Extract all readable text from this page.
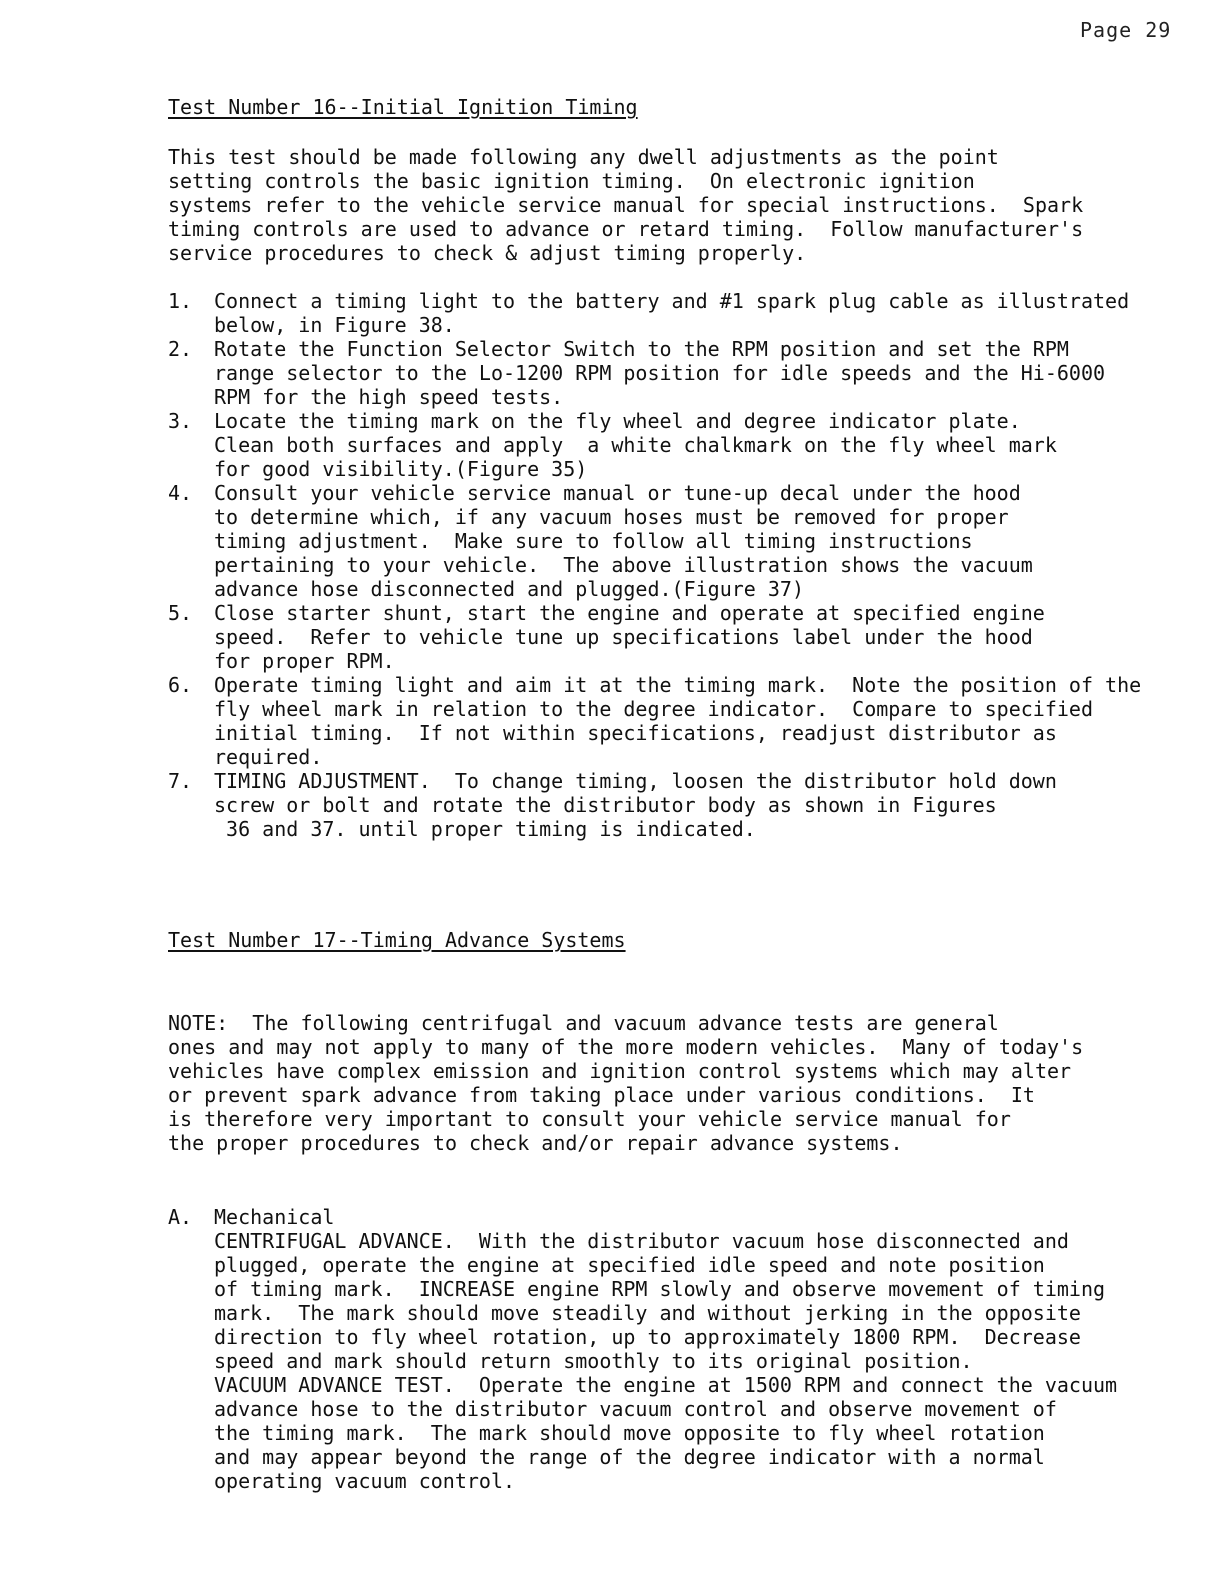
Page 29
Test Number 16--Initial Ignition Timing
This test should be made following any dwell adjustments as the point
setting controls the basic ignition timing.  On electronic ignition
systems refer to the vehicle service manual for special instructions.  Spark
timing controls are used to advance or retard timing.  Follow manufacturer's
service procedures to check & adjust timing properly.
1. Connect a timing light to the battery and #1 spark plug cable as illustrated
below, in Figure 38.
2. Rotate the Function Selector Switch to the RPM position and set the RPM
range selector to the Lo-1200 RPM position for idle speeds and the Hi-6000
RPM for the high speed tests.
3. Locate the timing mark on the fly wheel and degree indicator plate.
Clean both surfaces and apply  a white chalkmark on the fly wheel mark
for good visibility.(Figure 35)
4. Consult your vehicle service manual or tune-up decal under the hood
to determine which, if any vacuum hoses must be removed for proper
timing adjustment.  Make sure to follow all timing instructions
pertaining to your vehicle.  The above illustration shows the vacuum
advance hose disconnected and plugged.(Figure 37)
5. Close starter shunt, start the engine and operate at specified engine
speed.  Refer to vehicle tune up specifications label under the hood
for proper RPM.
6. Operate timing light and aim it at the timing mark.  Note the position of the
fly wheel mark in relation to the degree indicator.  Compare to specified
initial timing.  If not within specifications, readjust distributor as
required.
7. TIMING ADJUSTMENT.  To change timing, loosen the distributor hold down
screw or bolt and rotate the distributor body as shown in Figures
36 and 37. until proper timing is indicated.
Test Number 17--Timing Advance Systems
NOTE:  The following centrifugal and vacuum advance tests are general
ones and may not apply to many of the more modern vehicles.  Many of today's
vehicles have complex emission and ignition control systems which may alter
or prevent spark advance from taking place under various conditions.  It
is therefore very important to consult your vehicle service manual for
the proper procedures to check and/or repair advance systems.
A.	Mechanical
CENTRIFUGAL ADVANCE.  With the distributor vacuum hose disconnected and
plugged, operate the engine at specified idle speed and note position
of timing mark.  INCREASE engine RPM slowly and observe movement of timing
mark.  The mark should move steadily and without jerking in the opposite
direction to fly wheel rotation, up to approximately 1800 RPM.  Decrease
speed and mark should return smoothly to its original position.
VACUUM ADVANCE TEST.  Operate the engine at 1500 RPM and connect the vacuum
advance hose to the distributor vacuum control and observe movement of
the timing mark.  The mark should move opposite to fly wheel rotation
and may appear beyond the range of the degree indicator with a normal
operating vacuum control.
